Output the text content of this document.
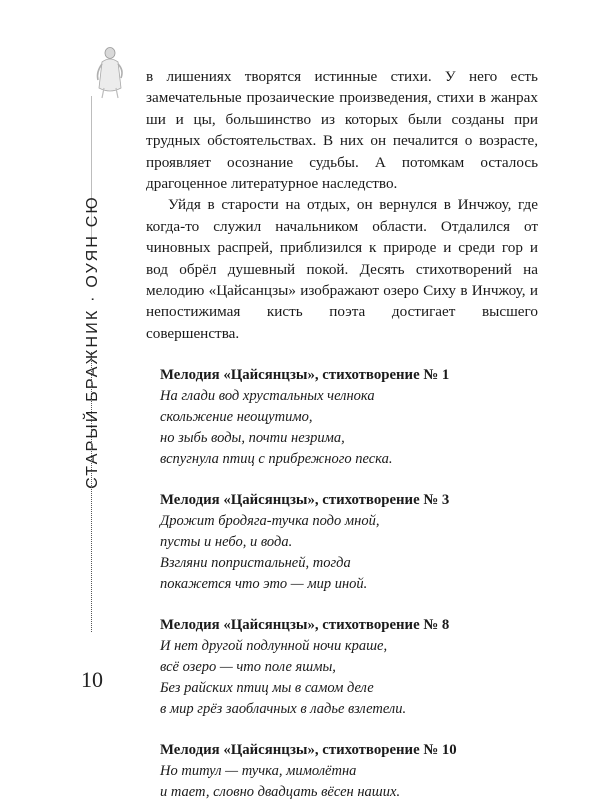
СТАРЫЙ БРАЖНИК · ОУЯН СЮ
10

в лишениях творятся истинные стихи. У него есть замечательные прозаические произведения, стихи в жанрах ши и цы, большинство из которых были созданы при трудных обстоятельствах. В них он печалится о возрасте, проявляет осознание судьбы. А потомкам осталось драгоценное литературное наследство.

Уйдя в старости на отдых, он вернулся в Инчжоу, где когда-то служил начальником области. Отдалился от чиновных распрей, приблизился к природе и среди гор и вод обрёл душевный покой. Десять стихотворений на мелодию «Цайсанцзы» изображают озеро Сиху в Инчжоу, и непостижимая кисть поэта достигает высшего совершенства.

Мелодия «Цайсянцзы», стихотворение № 1
На глади вод хрустальных челнока
скольжение неощутимо,
но зыбь воды, почти незрима,
вспугнула птиц с прибрежного песка.
Мелодия «Цайсянцзы», стихотворение № 3
Дрожит бродяга-тучка подо мной,
пусты и небо, и вода.
Взгляни попристальней, тогда
покажется что это — мир иной.
Мелодия «Цайсянцзы», стихотворение № 8
И нет другой подлунной ночи краше,
всё озеро — что поле яшмы,
Без райских птиц мы в самом деле
в мир грёз заоблачных в ладье взлетели.
Мелодия «Цайсянцзы», стихотворение № 10
Но титул — тучка, мимолётна
и тает, словно двадцать вёсен наших.
